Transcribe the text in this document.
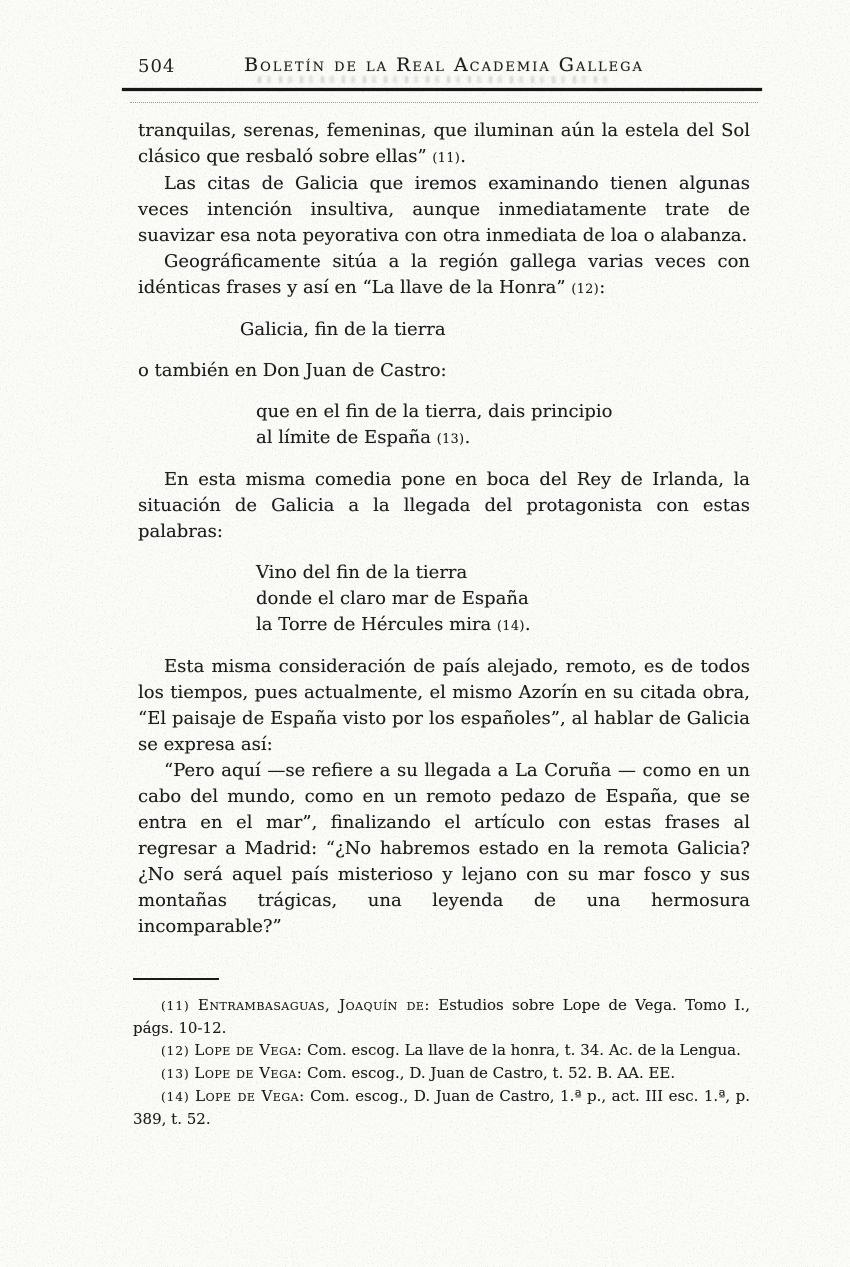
504	Boletín de la Real Academia Gallega

tranquilas, serenas, femeninas, que iluminan aún la estela del Sol clásico que resbaló sobre ellas” (11).

Las citas de Galicia que iremos examinando tienen algunas veces intención insultiva, aunque inmediatamente trate de suavizar esa nota peyorativa con otra inmediata de loa o alabanza.

Geográficamente sitúa a la región gallega varias veces con idénticas frases y así en “La llave de la Honra” (12):

Galicia, fin de la tierra

o también en Don Juan de Castro:

que en el fin de la tierra, dais principio
al límite de España (13).

En esta misma comedia pone en boca del Rey de Irlanda, la situación de Galicia a la llegada del protagonista con estas palabras:

Vino del fin de la tierra
donde el claro mar de España
la Torre de Hércules mira (14).

Esta misma consideración de país alejado, remoto, es de todos los tiempos, pues actualmente, el mismo Azorín en su citada obra, “El paisaje de España visto por los españoles”, al hablar de Galicia se expresa así:

“Pero aquí —se refiere a su llegada a La Coruña — como en un cabo del mundo, como en un remoto pedazo de España, que se entra en el mar”, finalizando el artículo con estas frases al regresar a Madrid: “¿No habremos estado en la remota Galicia? ¿No será aquel país misterioso y lejano con su mar fosco y sus montañas trágicas, una leyenda de una hermosura incomparable?”

(11) Entrambasaguas, Joaquín de: Estudios sobre Lope de Vega. Tomo I., págs. 10-12.

(12) Lope de Vega: Com. escog. La llave de la honra, t. 34. Ac. de la Lengua.

(13) Lope de Vega: Com. escog., D. Juan de Castro, t. 52. B. AA. EE.

(14) Lope de Vega: Com. escog., D. Juan de Castro, 1.ª p., act. III esc. 1.ª, p. 389, t. 52.
